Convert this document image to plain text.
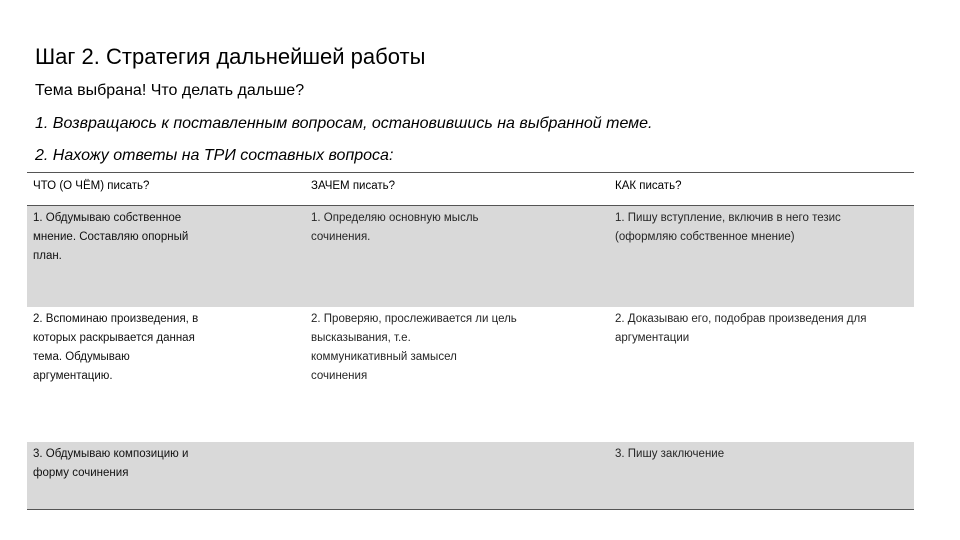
Шаг 2. Стратегия дальнейшей работы
Тема выбрана! Что делать дальше?
1. Возвращаюсь к поставленным вопросам, остановившись на выбранной теме.
2. Нахожу ответы на ТРИ составных вопроса:
ЧТО (О ЧЁМ) писать?	ЗАЧЕМ писать?	КАК писать?
1. Обдумываю собственное
мнение. Составляю опорный
план.	1. Определяю основную мысль
сочинения.	1. Пишу вступление, включив в него тезис
(оформляю собственное мнение)
2. Вспоминаю произведения, в
которых раскрывается данная
тема. Обдумываю
аргументацию.	2. Проверяю, прослеживается ли цель
высказывания, т.е.
коммуникативный замысел
сочинения	2. Доказываю его, подобрав произведения для
аргументации
3. Обдумываю композицию и
форму сочинения		3. Пишу заключение
